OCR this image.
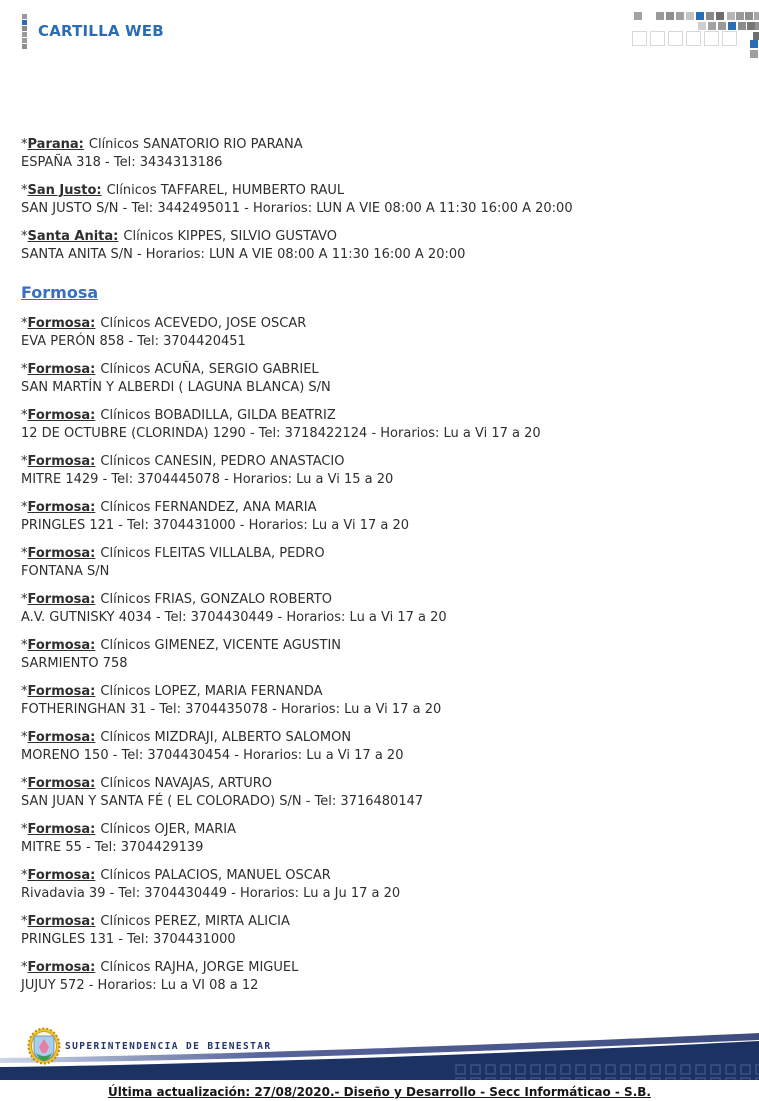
CARTILLA WEB
*Parana: Clínicos SANATORIO RIO PARANA
ESPAÑA 318 - Tel: 3434313186
*San Justo: Clínicos TAFFAREL, HUMBERTO RAUL
SAN JUSTO S/N - Tel: 3442495011 - Horarios: LUN A VIE 08:00 A 11:30 16:00 A 20:00
*Santa Anita: Clínicos KIPPES, SILVIO GUSTAVO
SANTA ANITA S/N - Horarios: LUN A VIE 08:00 A 11:30 16:00 A 20:00
Formosa
*Formosa: Clínicos ACEVEDO, JOSE OSCAR
EVA PERÓN 858 - Tel: 3704420451
*Formosa: Clínicos ACUÑA, SERGIO GABRIEL
SAN MARTÍN Y ALBERDI ( LAGUNA BLANCA) S/N
*Formosa: Clínicos BOBADILLA, GILDA BEATRIZ
12 DE OCTUBRE (CLORINDA) 1290 - Tel: 3718422124 - Horarios: Lu a Vi 17 a 20
*Formosa: Clínicos CANESIN, PEDRO ANASTACIO
MITRE 1429 - Tel: 3704445078 - Horarios: Lu a Vi 15 a 20
*Formosa: Clínicos FERNANDEZ, ANA MARIA
PRINGLES 121 - Tel: 3704431000 - Horarios: Lu a Vi 17 a 20
*Formosa: Clínicos FLEITAS VILLALBA, PEDRO
FONTANA S/N
*Formosa: Clínicos FRIAS, GONZALO ROBERTO
A.V. GUTNISKY 4034 - Tel: 3704430449 - Horarios: Lu a Vi 17 a 20
*Formosa: Clínicos GIMENEZ, VICENTE AGUSTIN
SARMIENTO 758
*Formosa: Clínicos LOPEZ, MARIA FERNANDA
FOTHERINGHAN 31 - Tel: 3704435078 - Horarios: Lu a Vi 17 a 20
*Formosa: Clínicos MIZDRAJI, ALBERTO SALOMON
MORENO 150 - Tel: 3704430454 - Horarios: Lu a Vi 17 a 20
*Formosa: Clínicos NAVAJAS, ARTURO
SAN JUAN Y SANTA FÉ ( EL COLORADO) S/N - Tel: 3716480147
*Formosa: Clínicos OJER, MARIA
MITRE 55 - Tel: 3704429139
*Formosa: Clínicos PALACIOS, MANUEL OSCAR
Rivadavia 39 - Tel: 3704430449 - Horarios: Lu a Ju 17 a 20
*Formosa: Clínicos PEREZ, MIRTA ALICIA
PRINGLES 131 - Tel: 3704431000
*Formosa: Clínicos RAJHA, JORGE MIGUEL
JUJUY 572 - Horarios: Lu a VI 08 a 12
SUPERINTENDENCIA DE BIENESTAR
Última actualización: 27/08/2020.- Diseño y Desarrollo - Secc Informáticao - S.B.
